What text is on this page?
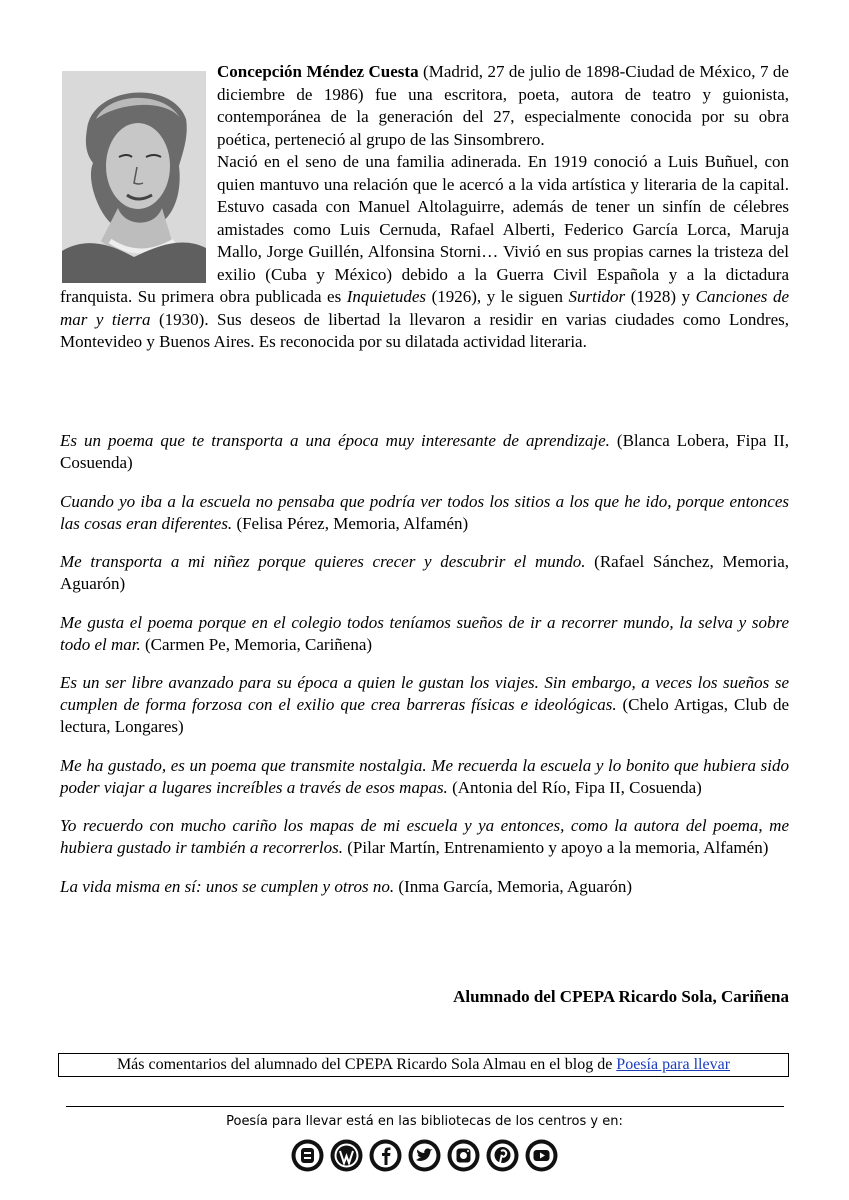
Concepción Méndez Cuesta (Madrid, 27 de julio de 1898-Ciudad de México, 7 de diciembre de 1986) fue una escritora, poeta, autora de teatro y guionista, contemporánea de la generación del 27, especialmente conocida por su obra poética, perteneció al grupo de las Sinsombrero.

Nació en el seno de una familia adinerada. En 1919 conoció a Luis Buñuel, con quien mantuvo una relación que le acercó a la vida artística y literaria de la capital. Estuvo casada con Manuel Altolaguirre, además de tener un sinfín de célebres amistades como Luis Cernuda, Rafael Alberti, Federico García Lorca, Maruja Mallo, Jorge Guillén, Alfonsina Storni… Vivió en sus propias carnes la tristeza del exilio (Cuba y México) debido a la Guerra Civil Española y a la dictadura franquista. Su primera obra publicada es Inquietudes (1926), y le siguen Surtidor (1928) y Canciones de mar y tierra (1930). Sus deseos de libertad la llevaron a residir en varias ciudades como Londres, Montevideo y Buenos Aires. Es reconocida por su dilatada actividad literaria.

Es un poema que te transporta a una época muy interesante de aprendizaje. (Blanca Lobera, Fipa II, Cosuenda)

Cuando yo iba a la escuela no pensaba que podría ver todos los sitios a los que he ido, porque entonces las cosas eran diferentes. (Felisa Pérez, Memoria, Alfamén)

Me transporta a mi niñez porque quieres crecer y descubrir el mundo. (Rafael Sánchez, Memoria, Aguarón)

Me gusta el poema porque en el colegio todos teníamos sueños de ir a recorrer mundo, la selva y sobre todo el mar. (Carmen Pe, Memoria, Cariñena)

Es un ser libre avanzado para su época a quien le gustan los viajes. Sin embargo, a veces los sueños se cumplen de forma forzosa con el exilio que crea barreras físicas e ideológicas. (Chelo Artigas, Club de lectura, Longares)

Me ha gustado, es un poema que transmite nostalgia. Me recuerda la escuela y lo bonito que hubiera sido poder viajar a lugares increíbles a través de esos mapas. (Antonia del Río, Fipa II, Cosuenda)

Yo recuerdo con mucho cariño los mapas de mi escuela y ya entonces, como la autora del poema, me hubiera gustado ir también a recorrerlos. (Pilar Martín, Entrenamiento y apoyo a la memoria, Alfamén)

La vida misma en sí: unos se cumplen y otros no. (Inma García, Memoria, Aguarón)

Alumnado del CPEPA Ricardo Sola, Cariñena
Más comentarios del alumnado del CPEPA Ricardo Sola Almau en el blog de Poesía para llevar
Poesía para llevar está en las bibliotecas de los centros y en:
